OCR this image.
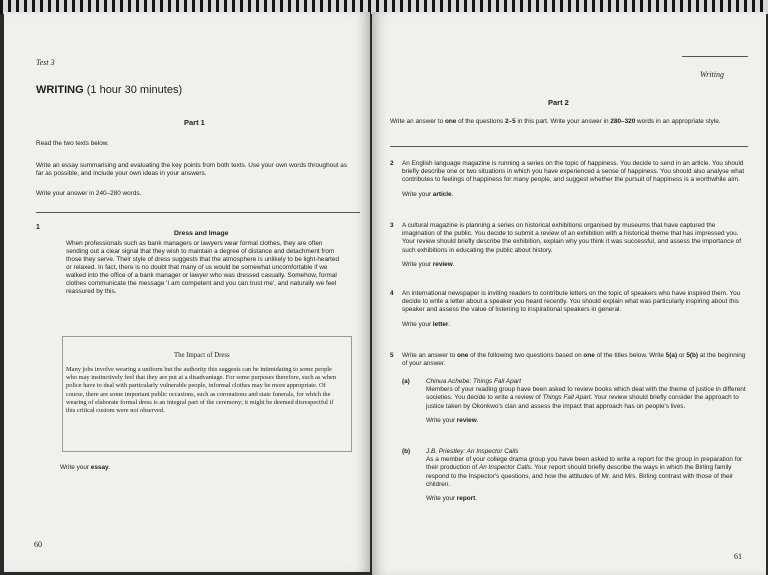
Test 3
WRITING (1 hour 30 minutes)
Part 1
Read the two texts below.
Write an essay summarising and evaluating the key points from both texts. Use your own words throughout as far as possible, and include your own ideas in your answers.
Write your answer in 240–280 words.
1
Dress and Image
When professionals such as bank managers or lawyers wear formal clothes, they are often sending out a clear signal that they wish to maintain a degree of distance and detachment from those they serve. Their style of dress suggests that the atmosphere is unlikely to be light-hearted or relaxed. In fact, there is no doubt that many of us would be somewhat uncomfortable if we walked into the office of a bank manager or lawyer who was dressed casually. Somehow, formal clothes communicate the message 'I am competent and you can trust me', and naturally we feel reassured by this.
The Impact of Dress
Many jobs involve wearing a uniform but the authority this suggests can be intimidating to some people who may instinctively feel that they are put at a disadvantage. For some purposes therefore, such as when police have to deal with particularly vulnerable people, informal clothes may be more appropriate. Of course, there are some important public occasions, such as coronations and state funerals, for which the wearing of elaborate formal dress is an integral part of the ceremony; it might be deemed disrespectful if this critical custom were not observed.
Write your essay.
60
Writing
Part 2
Write an answer to one of the questions 2–5 in this part. Write your answer in 280–320 words in an appropriate style.
2 An English language magazine is running a series on the topic of happiness. You decide to send in an article. You should briefly describe one or two situations in which you have experienced a sense of happiness. You should also analyse what contributes to feelings of happiness for many people, and suggest whether the pursuit of happiness is a worthwhile aim.
Write your article.
3 A cultural magazine is planning a series on historical exhibitions organised by museums that have captured the imagination of the public. You decide to submit a review of an exhibition with a historical theme that has impressed you. Your review should briefly describe the exhibition, explain why you think it was successful, and assess the importance of such exhibitions in educating the public about history.
Write your review.
4 An international newspaper is inviting readers to contribute letters on the topic of speakers who have inspired them. You decide to write a letter about a speaker you heard recently. You should explain what was particularly inspiring about this speaker and assess the value of listening to inspirational speakers in general.
Write your letter.
5 Write an answer to one of the following two questions based on one of the titles below. Write 5(a) or 5(b) at the beginning of your answer.
(a)	Chinua Achebe: Things Fall Apart
Members of your reading group have been asked to review books which deal with the theme of justice in different societies. You decide to write a review of Things Fall Apart. Your review should briefly consider the approach to justice taken by Okonkwo's clan and assess the impact that approach has on people's lives.
Write your review.
(b) J.B. Priestley: An Inspector Calls
As a member of your college drama group you have been asked to write a report for the group in preparation for their production of An Inspector Calls. Your report should briefly describe the ways in which the Birling family respond to the Inspector's questions, and how the attitudes of Mr. and Mrs. Birling contrast with those of their children.
Write your report.
61
